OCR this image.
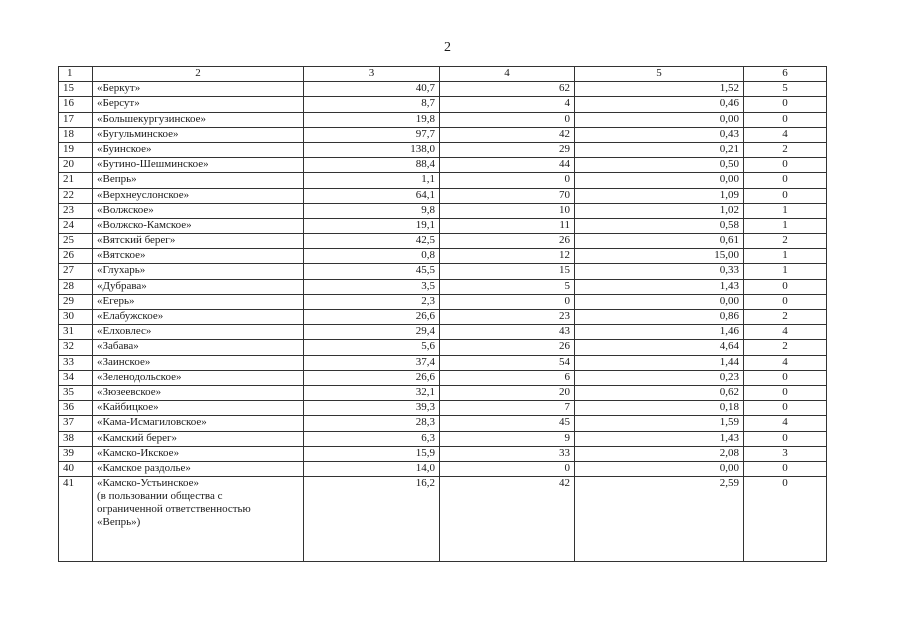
2
1	2	3	4	5	6
15	«Беркут»	40,7	62	1,52	5
16	«Берсут»	8,7	4	0,46	0
17	«Большекургузинское»	19,8	0	0,00	0
18	«Бугульминское»	97,7	42	0,43	4
19	«Буинское»	138,0	29	0,21	2
20	«Бутино-Шешминское»	88,4	44	0,50	0
21	«Вепрь»	1,1	0	0,00	0
22	«Верхнеуслонское»	64,1	70	1,09	0
23	«Волжское»	9,8	10	1,02	1
24	«Волжско-Камское»	19,1	11	0,58	1
25	«Вятский берег»	42,5	26	0,61	2
26	«Вятское»	0,8	12	15,00	1
27	«Глухарь»	45,5	15	0,33	1
28	«Дубрава»	3,5	5	1,43	0
29	«Егерь»	2,3	0	0,00	0
30	«Елабужское»	26,6	23	0,86	2
31	«Елховлес»	29,4	43	1,46	4
32	«Забава»	5,6	26	4,64	2
33	«Заинское»	37,4	54	1,44	4
34	«Зеленодольское»	26,6	6	0,23	0
35	«Зюзеевское»	32,1	20	0,62	0
36	«Кайбицкое»	39,3	7	0,18	0
37	«Кама-Исмагиловское»	28,3	45	1,59	4
38	«Камский берег»	6,3	9	1,43	0
39	«Камско-Икское»	15,9	33	2,08	3
40	«Камское раздолье»	14,0	0	0,00	0
41	«Камско-Устьинское»
(в пользовании общества с
ограниченной ответственностью
«Вепрь»)	16,2	42	2,59	0
